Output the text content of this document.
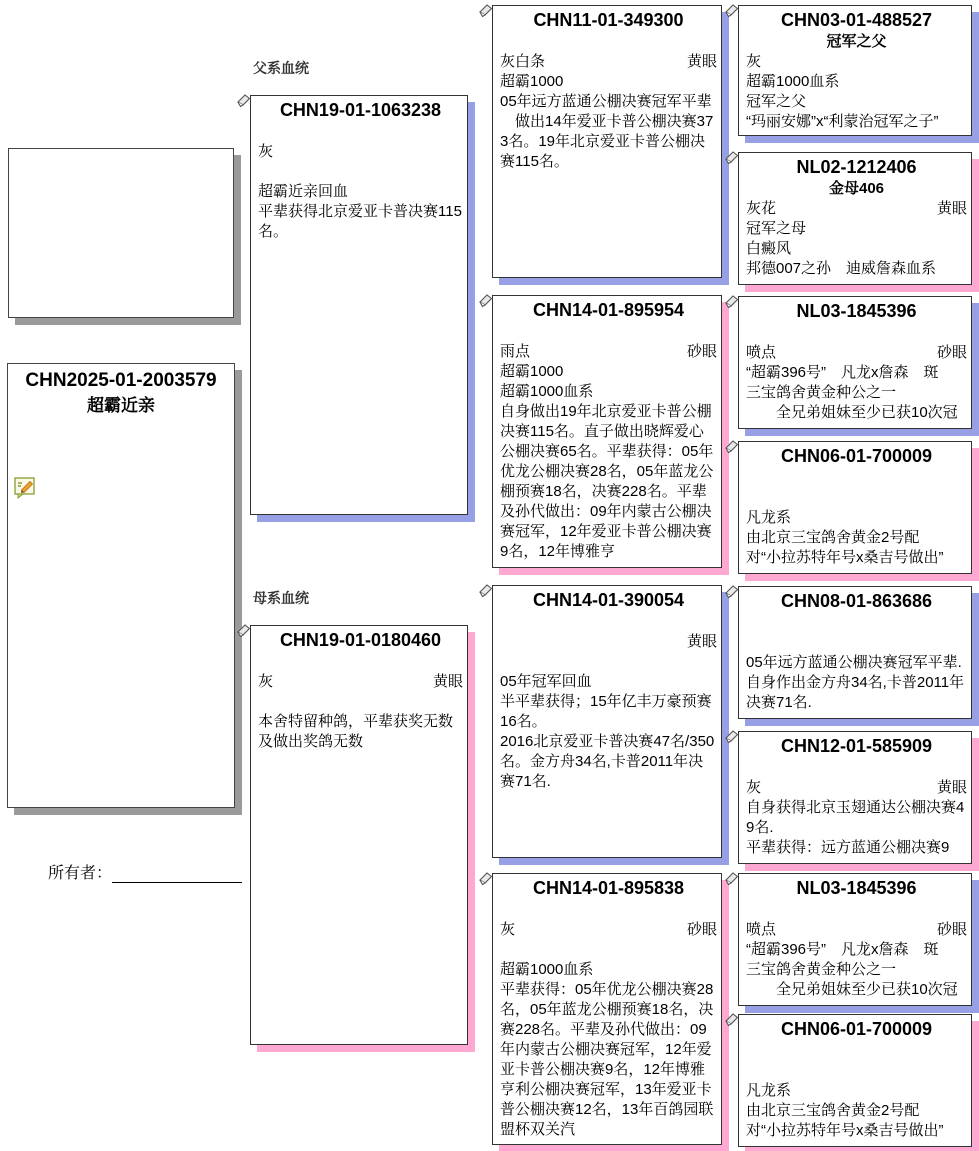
CHN2025-01-2003579
超霸近亲
父系血统
母系血统
所有者：
CHN19-01-1063238
灰
超霸近亲回血
平辈获得北京爱亚卡普决赛115名。
CHN19-01-0180460
灰	黄眼
本舍特留种鸽，平辈获奖无数及做出奖鸽无数
CHN11-01-349300
灰白条	黄眼
超霸1000
05年远方蓝通公棚决赛冠军平辈
　做出14年爱亚卡普公棚决赛373名。19年北京爱亚卡普公棚决赛115名。
CHN14-01-895954
雨点	砂眼
超霸1000
超霸1000血系
自身做出19年北京爱亚卡普公棚决赛115名。直子做出晓辉爱心公棚决赛65名。平辈获得：05年优龙公棚决赛28名，05年蓝龙公棚预赛18名，决赛228名。平辈及孙代做出：09年内蒙古公棚决赛冠军，12年爱亚卡普公棚决赛9名，12年博雅亨
CHN14-01-390054
黄眼
05年冠军回血
半平辈获得；15年亿丰万豪预赛16名。
2016北京爱亚卡普决赛47名/350名。金方舟34名,卡普2011年决赛71名.
CHN14-01-895838
灰	砂眼
超霸1000血系
平辈获得：05年优龙公棚决赛28名，05年蓝龙公棚预赛18名，决赛228名。平辈及孙代做出：09年内蒙古公棚决赛冠军，12年爱亚卡普公棚决赛9名，12年博雅亨利公棚决赛冠军，13年爱亚卡普公棚决赛12名，13年百鸽园联盟杯双关汽
CHN03-01-488527
冠军之父
灰
超霸1000血系
冠军之父
“玛丽安娜”x“利蒙治冠军之子”
NL02-1212406
金母406
灰花	黄眼
冠军之母
白癜风
邦德007之孙　迪威詹森血系
NL03-1845396
喷点	砂眼
“超霸396号”　凡龙x詹森　斑
三宝鸽舍黄金种公之一
　　全兄弟姐妹至少已获10次冠
CHN06-01-700009
凡龙系
由北京三宝鸽舍黄金2号配
对“小拉苏特年号x桑吉号做出”
CHN08-01-863686
05年远方蓝通公棚决赛冠军平辈.自身作出金方舟34名,卡普2011年决赛71名.
CHN12-01-585909
灰	黄眼
自身获得北京玉翅通达公棚决赛49名.
平辈获得：远方蓝通公棚决赛9
NL03-1845396
喷点	砂眼
“超霸396号”　凡龙x詹森　斑
三宝鸽舍黄金种公之一
　　全兄弟姐妹至少已获10次冠
CHN06-01-700009
凡龙系
由北京三宝鸽舍黄金2号配
对“小拉苏特年号x桑吉号做出”
